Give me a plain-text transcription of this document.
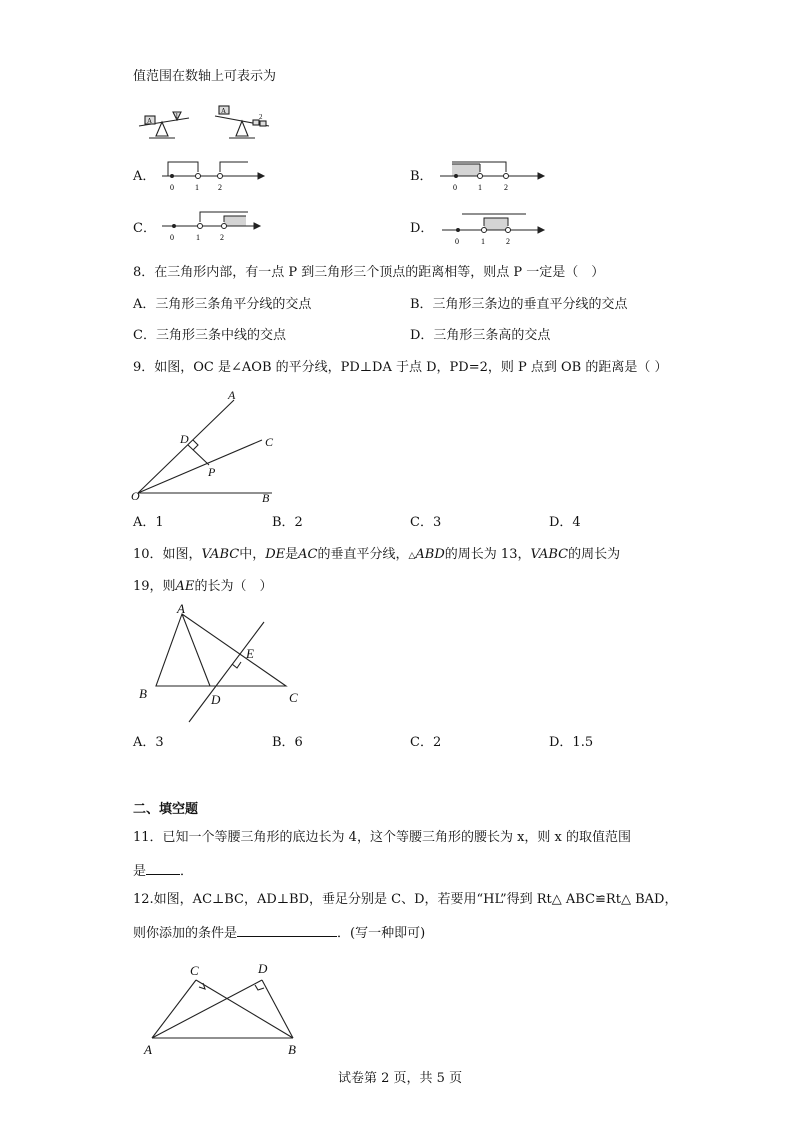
值范围在数轴上可表示为
A
1
A
2
A．	B．
C．	D．
0	1 2	0	1	2
0	1	2	0	1	2
8．在三角形内部，有一点 P 到三角形三个顶点的距离相等，则点 P 一定是（　）
A．三角形三条角平分线的交点	B．三角形三条边的垂直平分线的交点
C．三角形三条中线的交点	D．三角形三条高的交点
9．如图，OC 是∠AOB 的平分线，PD⊥DA 于点 D，PD=2，则 P 点到 OB 的距离是（ ）
A
C
D
P
O	B
A．1	B．2	C．3	D．4
10．如图，VABC中，DE是AC的垂直平分线，△ABD的周长为 13，VABC的周长为
19，则AE的长为（　）
A
B	C
D
E
A．3	B．6	C．2	D．1.5
二、填空题
11．已知一个等腰三角形的底边长为 4，这个等腰三角形的腰长为 x，则 x 的取值范围
是	．
12.如图，AC⊥BC，AD⊥BD，垂足分别是 C、D，若要用“HL”得到 Rt△ ABC≌Rt△ BAD，
则你添加的条件是	．(写一种即可)
C	D
A	B
试卷第 2 页，共 5 页
